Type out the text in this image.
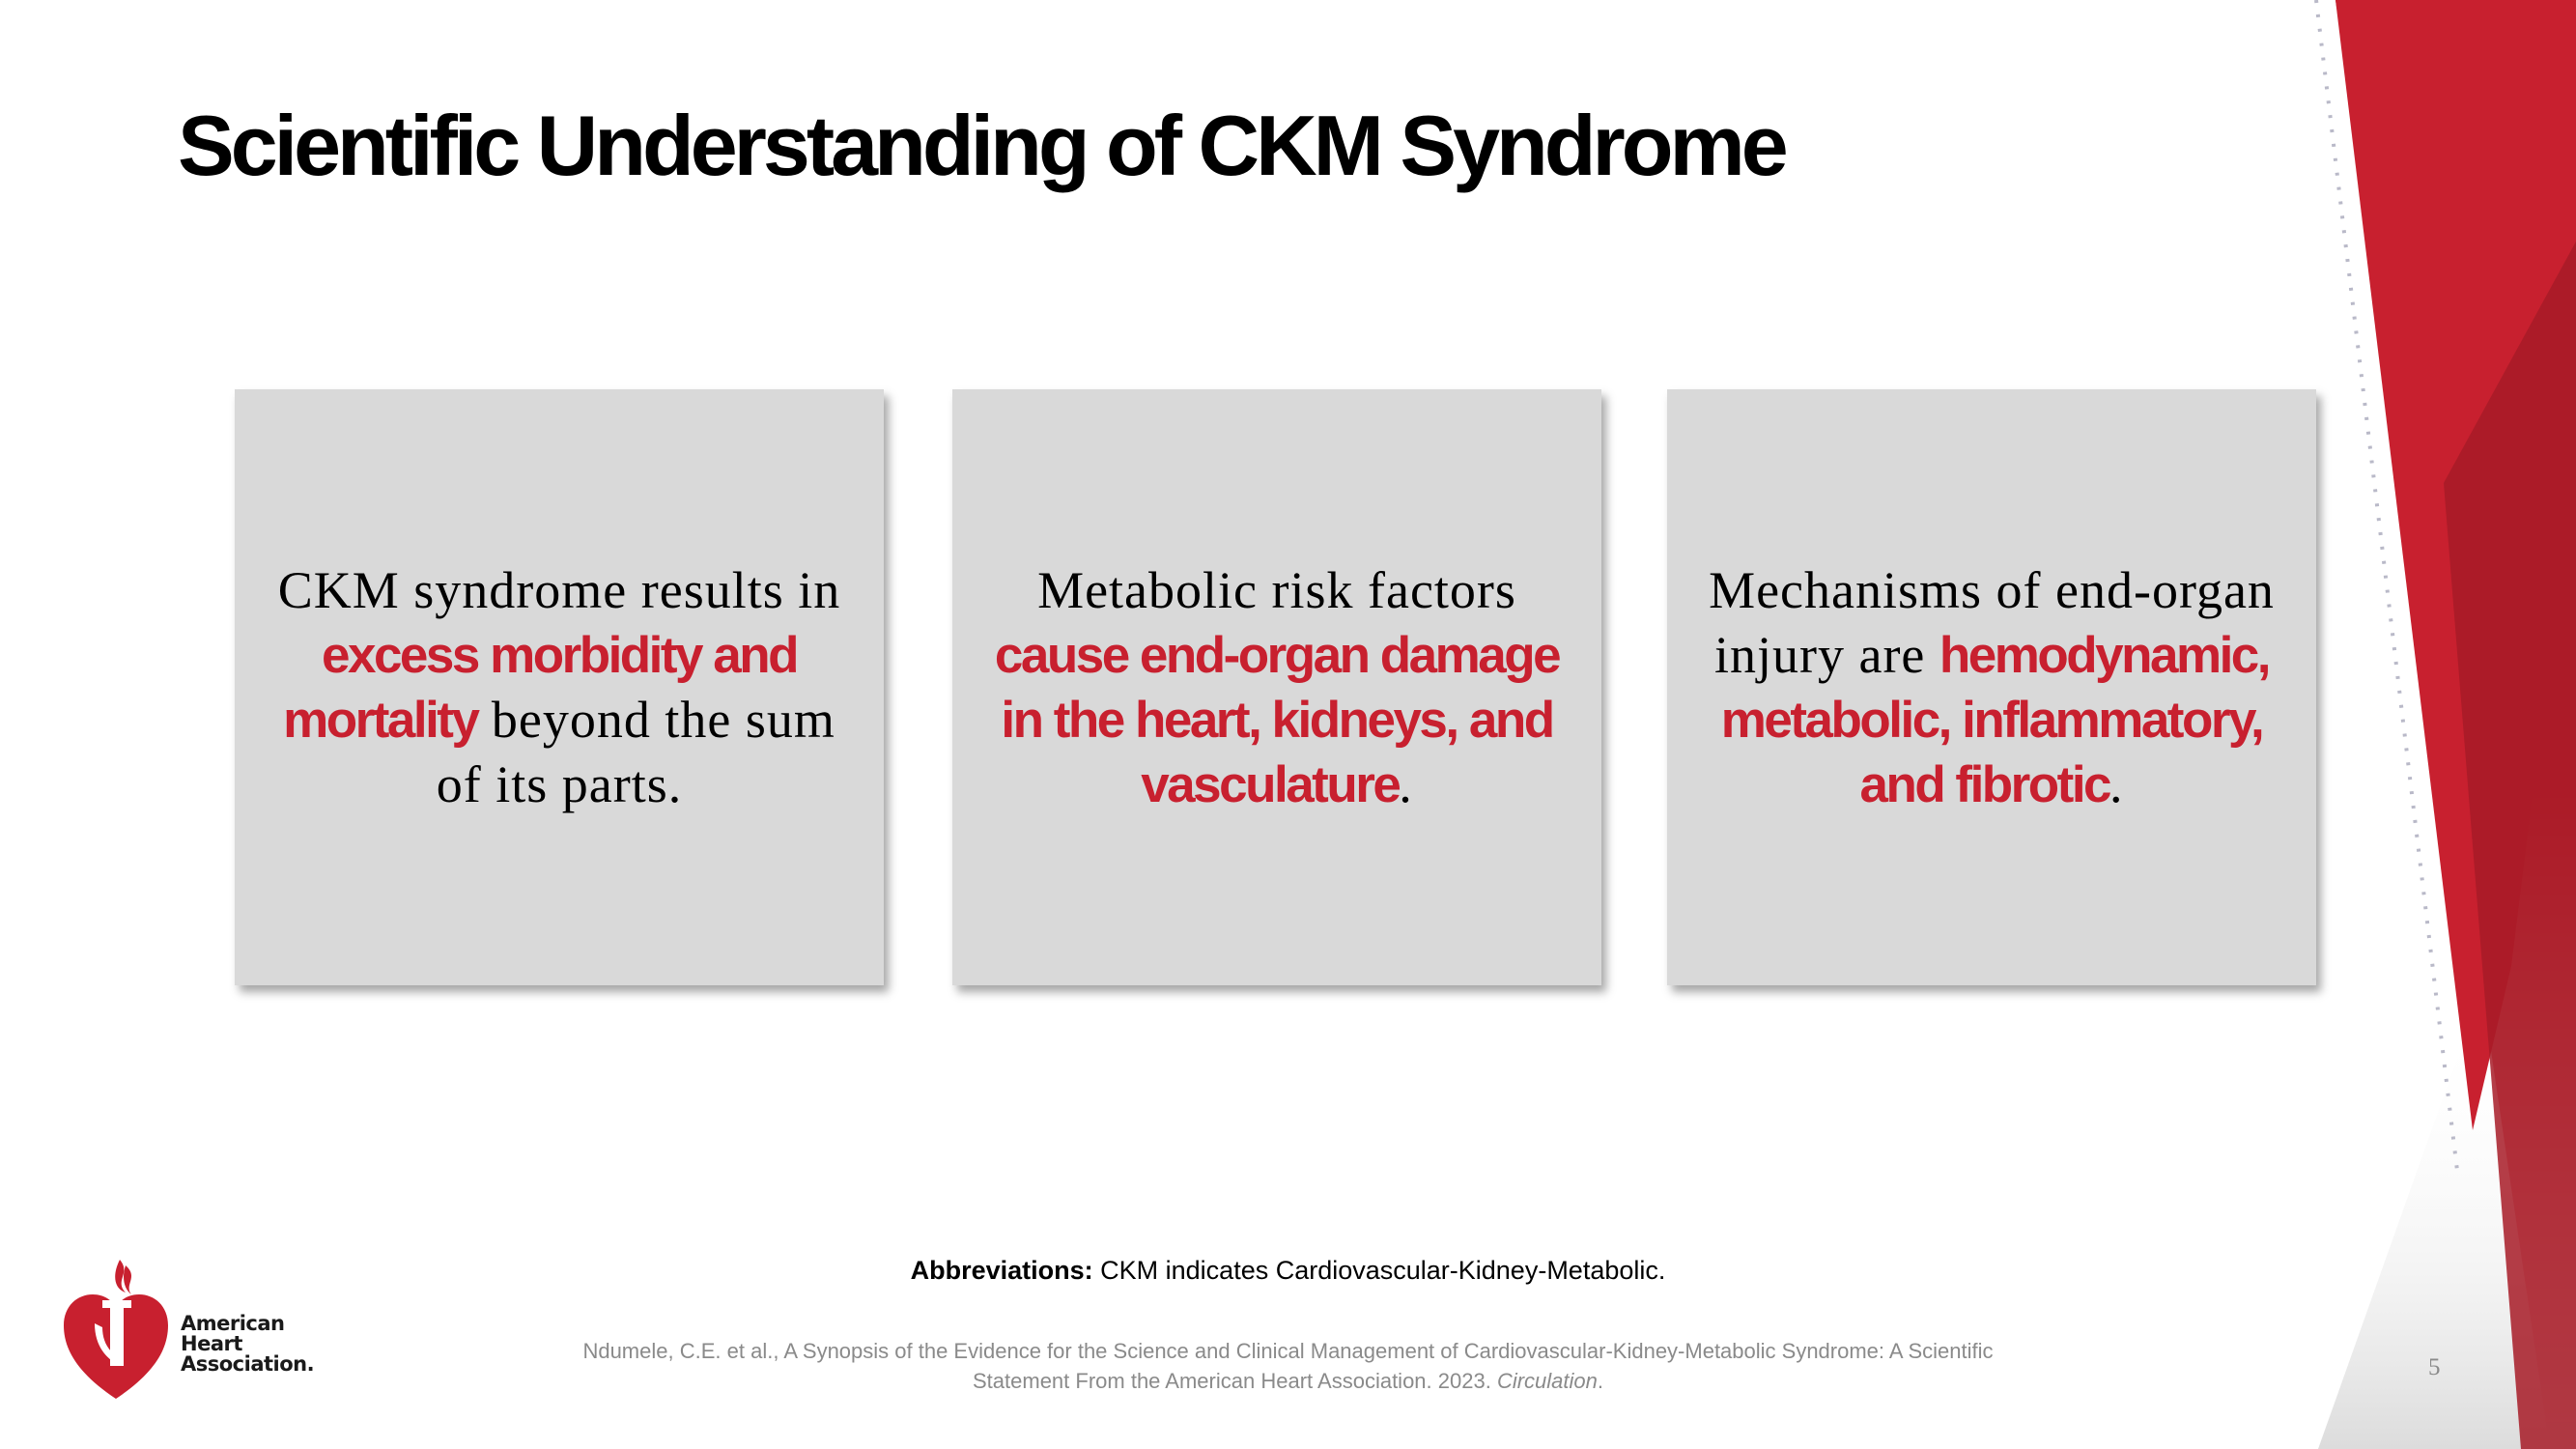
Scientific Understanding of CKM Syndrome
CKM syndrome results in excess morbidity and mortality beyond the sum of its parts.
Metabolic risk factors cause end-organ damage in the heart, kidneys, and vasculature.
Mechanisms of end-organ injury are hemodynamic, metabolic, inflammatory, and fibrotic.
Abbreviations: CKM indicates Cardiovascular-Kidney-Metabolic.
Ndumele, C.E. et al., A Synopsis of the Evidence for the Science and Clinical Management of Cardiovascular-Kidney-Metabolic Syndrome: A Scientific Statement From the American Heart Association. 2023. Circulation.
5
American
Heart
Association.
